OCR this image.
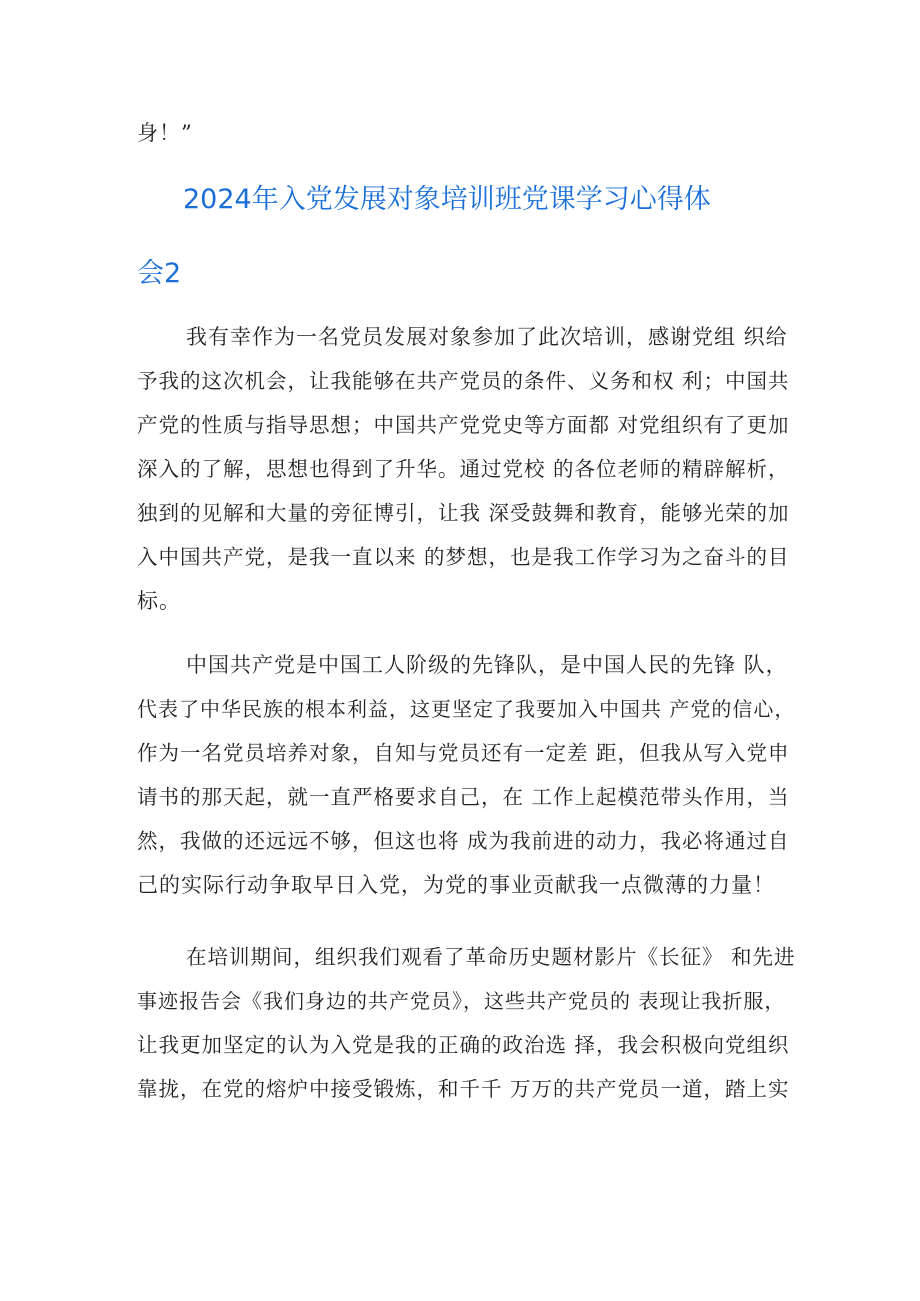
身！”
2024年入党发展对象培训班党课学习心得体
会2
我有幸作为一名党员发展对象参加了此次培训，感谢党组 织给
予我的这次机会，让我能够在共产党员的条件、义务和权 利；中国共
产党的性质与指导思想；中国共产党党史等方面都 对党组织有了更加
深入的了解，思想也得到了升华。通过党校 的各位老师的精辟解析，
独到的见解和大量的旁征博引，让我 深受鼓舞和教育，能够光荣的加
入中国共产党，是我一直以来 的梦想，也是我工作学习为之奋斗的目
标。
中国共产党是中国工人阶级的先锋队，是中国人民的先锋 队，
代表了中华民族的根本利益，这更坚定了我要加入中国共 产党的信心，
作为一名党员培养对象，自知与党员还有一定差 距，但我从写入党申
请书的那天起，就一直严格要求自己，在 工作上起模范带头作用，当
然，我做的还远远不够，但这也将 成为我前进的动力，我必将通过自
己的实际行动争取早日入党，为党的事业贡献我一点微薄的力量！
在培训期间，组织我们观看了革命历史题材影片《长征》 和先进
事迹报告会《我们身边的共产党员》，这些共产党员的 表现让我折服，
让我更加坚定的认为入党是我的正确的政治选 择，我会积极向党组织
靠拢，在党的熔炉中接受锻炼，和千千 万万的共产党员一道，踏上实
